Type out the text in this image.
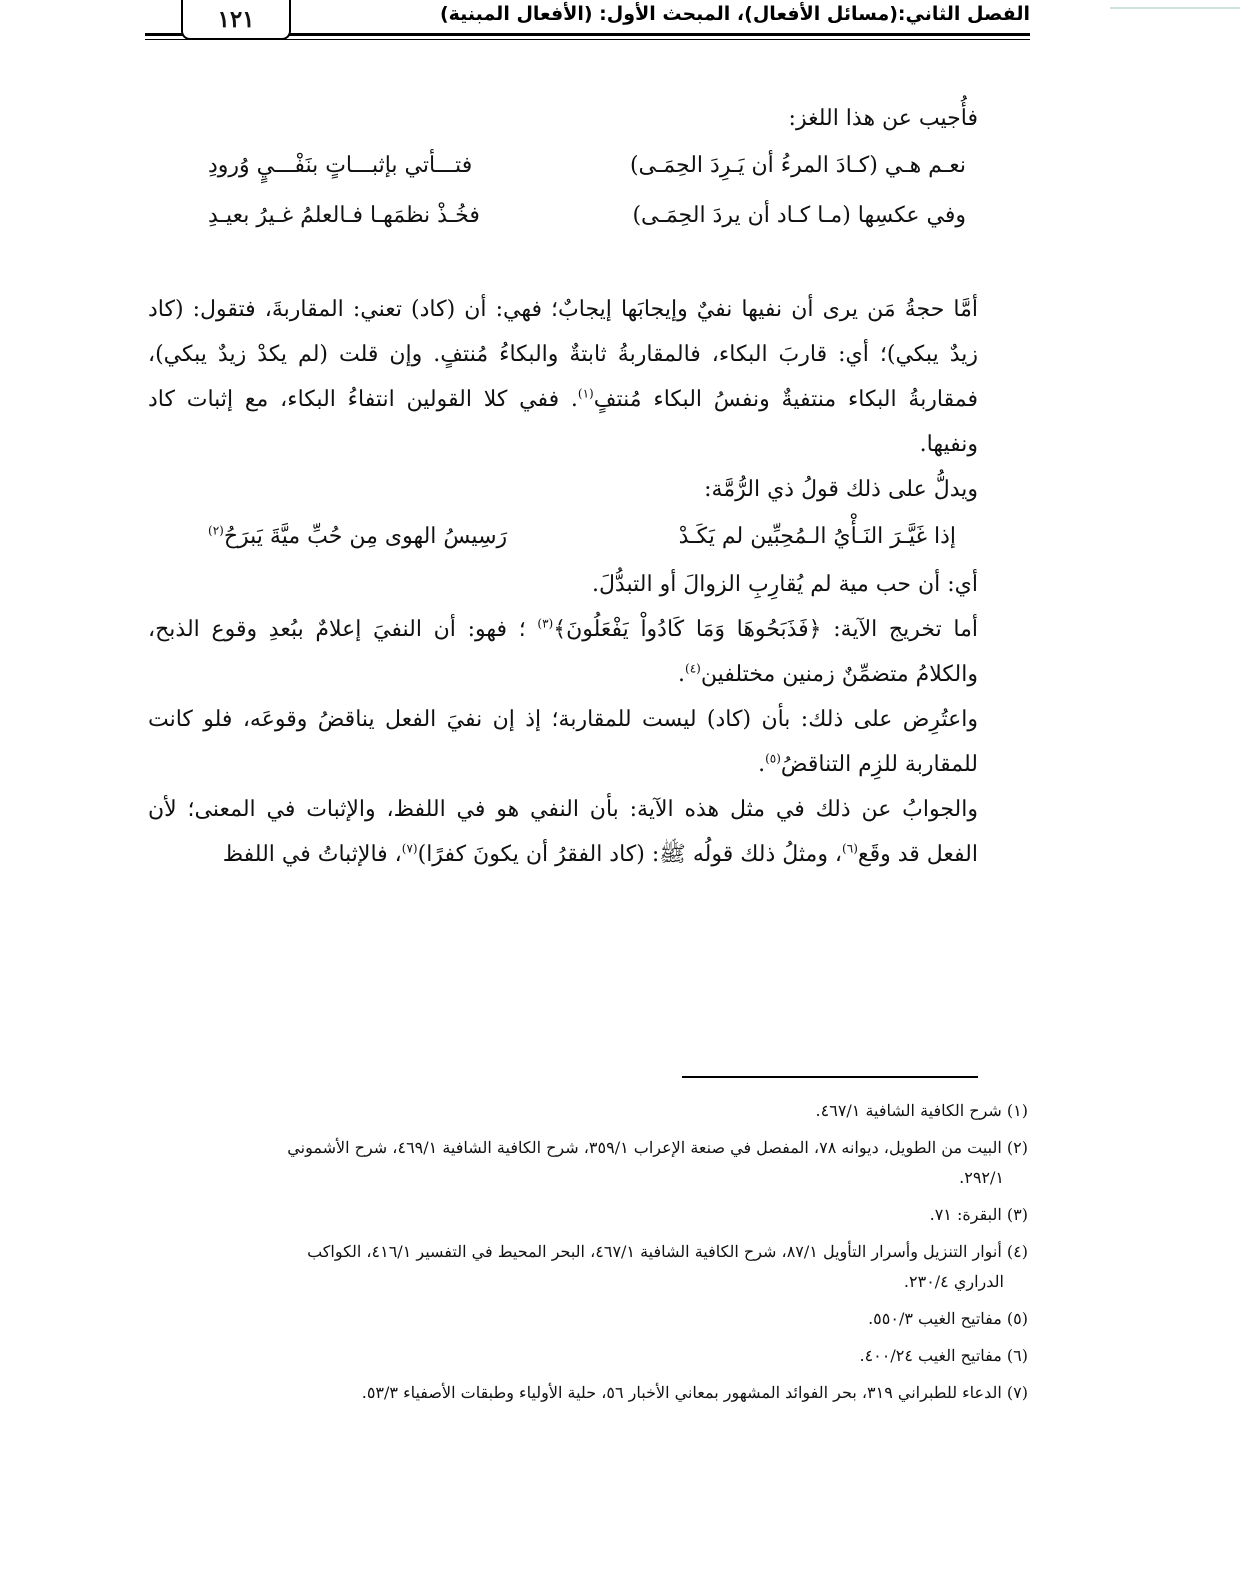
الفصل الثاني:(مسائل الأفعال)، المبحث الأول: (الأفعال المبنية)
١٢١

فأُجيب عن هذا اللغز:

نعـم هـي (كـادَ المرءُ أن يَـرِدَ الحِمَـى)
فتـــأتي بإثبـــاتٍ بنَفْـــيٍ وُرودِ
وفي عكسِها (مـا كـاد أن يردَ الحِمَـى)
فخُـذْ نظمَهـا فـالعلمُ غـيرُ بعيـدِ

أمَّا حجةُ مَن يرى أن نفيها نفيٌ وإيجابَها إيجابٌ؛ فهي: أن (كاد) تعني: المقاربةَ، فتقول: (كاد زيدٌ يبكي)؛ أي: قاربَ البكاء، فالمقاربةُ ثابتةٌ والبكاءُ مُنتفٍ. وإن قلت (لم يكدْ زيدٌ يبكي)، فمقاربةُ البكاء منتفيةٌ ونفسُ البكاء مُنتفٍ$^{(١)}$. ففي كلا القولين انتفاءُ البكاء، مع إثبات كاد ونفيها.

ويدلُّ على ذلك قولُ ذي الرُّمَّة:

إذا غَيَّـرَ النَـأْيُ الـمُحِبِّين لم يَكَـدْ
رَسِيسُ الهوى مِن حُبِّ ميَّةَ يَبرَحُ$^{(٢)}$

أي: أن حب مية لم يُقارِبِ الزوالَ أو التبدُّلَ.

أما تخريج الآية: ﴿فَذَبَحُوهَا وَمَا كَادُواْ يَفْعَلُونَ﴾$^{(٣)}$ ؛ فهو: أن النفيَ إعلامٌ ببُعدِ وقوع الذبح، والكلامُ متضمِّنٌ زمنين مختلفين$^{(٤)}$.

واعتُرِض على ذلك: بأن (كاد) ليست للمقاربة؛ إذ إن نفيَ الفعل يناقضُ وقوعَه، فلو كانت للمقاربة للزِم التناقضُ$^{(٥)}$.

والجوابُ عن ذلك في مثل هذه الآية: بأن النفي هو في اللفظ، والإثبات في المعنى؛ لأن الفعل قد وقَع$^{(٦)}$، ومثلُ ذلك قولُه ﷺ: (كاد الفقرُ أن يكونَ كفرًا)$^{(٧)}$، فالإثباتُ في اللفظ

(١) شرح الكافية الشافية ٤٦٧/١.

(٢) البيت من الطويل، ديوانه ٧٨، المفصل في صنعة الإعراب ٣٥٩/١، شرح الكافية الشافية ٤٦٩/١، شرح الأشموني
٢٩٢/١.

(٣) البقرة: ٧١.

(٤) أنوار التنزيل وأسرار التأويل ٨٧/١، شرح الكافية الشافية ٤٦٧/١، البحر المحيط في التفسير ٤١٦/١، الكواكب
الدراري ٢٣٠/٤.

(٥) مفاتيح الغيب ٥٥٠/٣.

(٦) مفاتيح الغيب ٤٠٠/٢٤.

(٧) الدعاء للطبراني ٣١٩، بحر الفوائد المشهور بمعاني الأخبار ٥٦، حلية الأولياء وطبقات الأصفياء ٥٣/٣.
